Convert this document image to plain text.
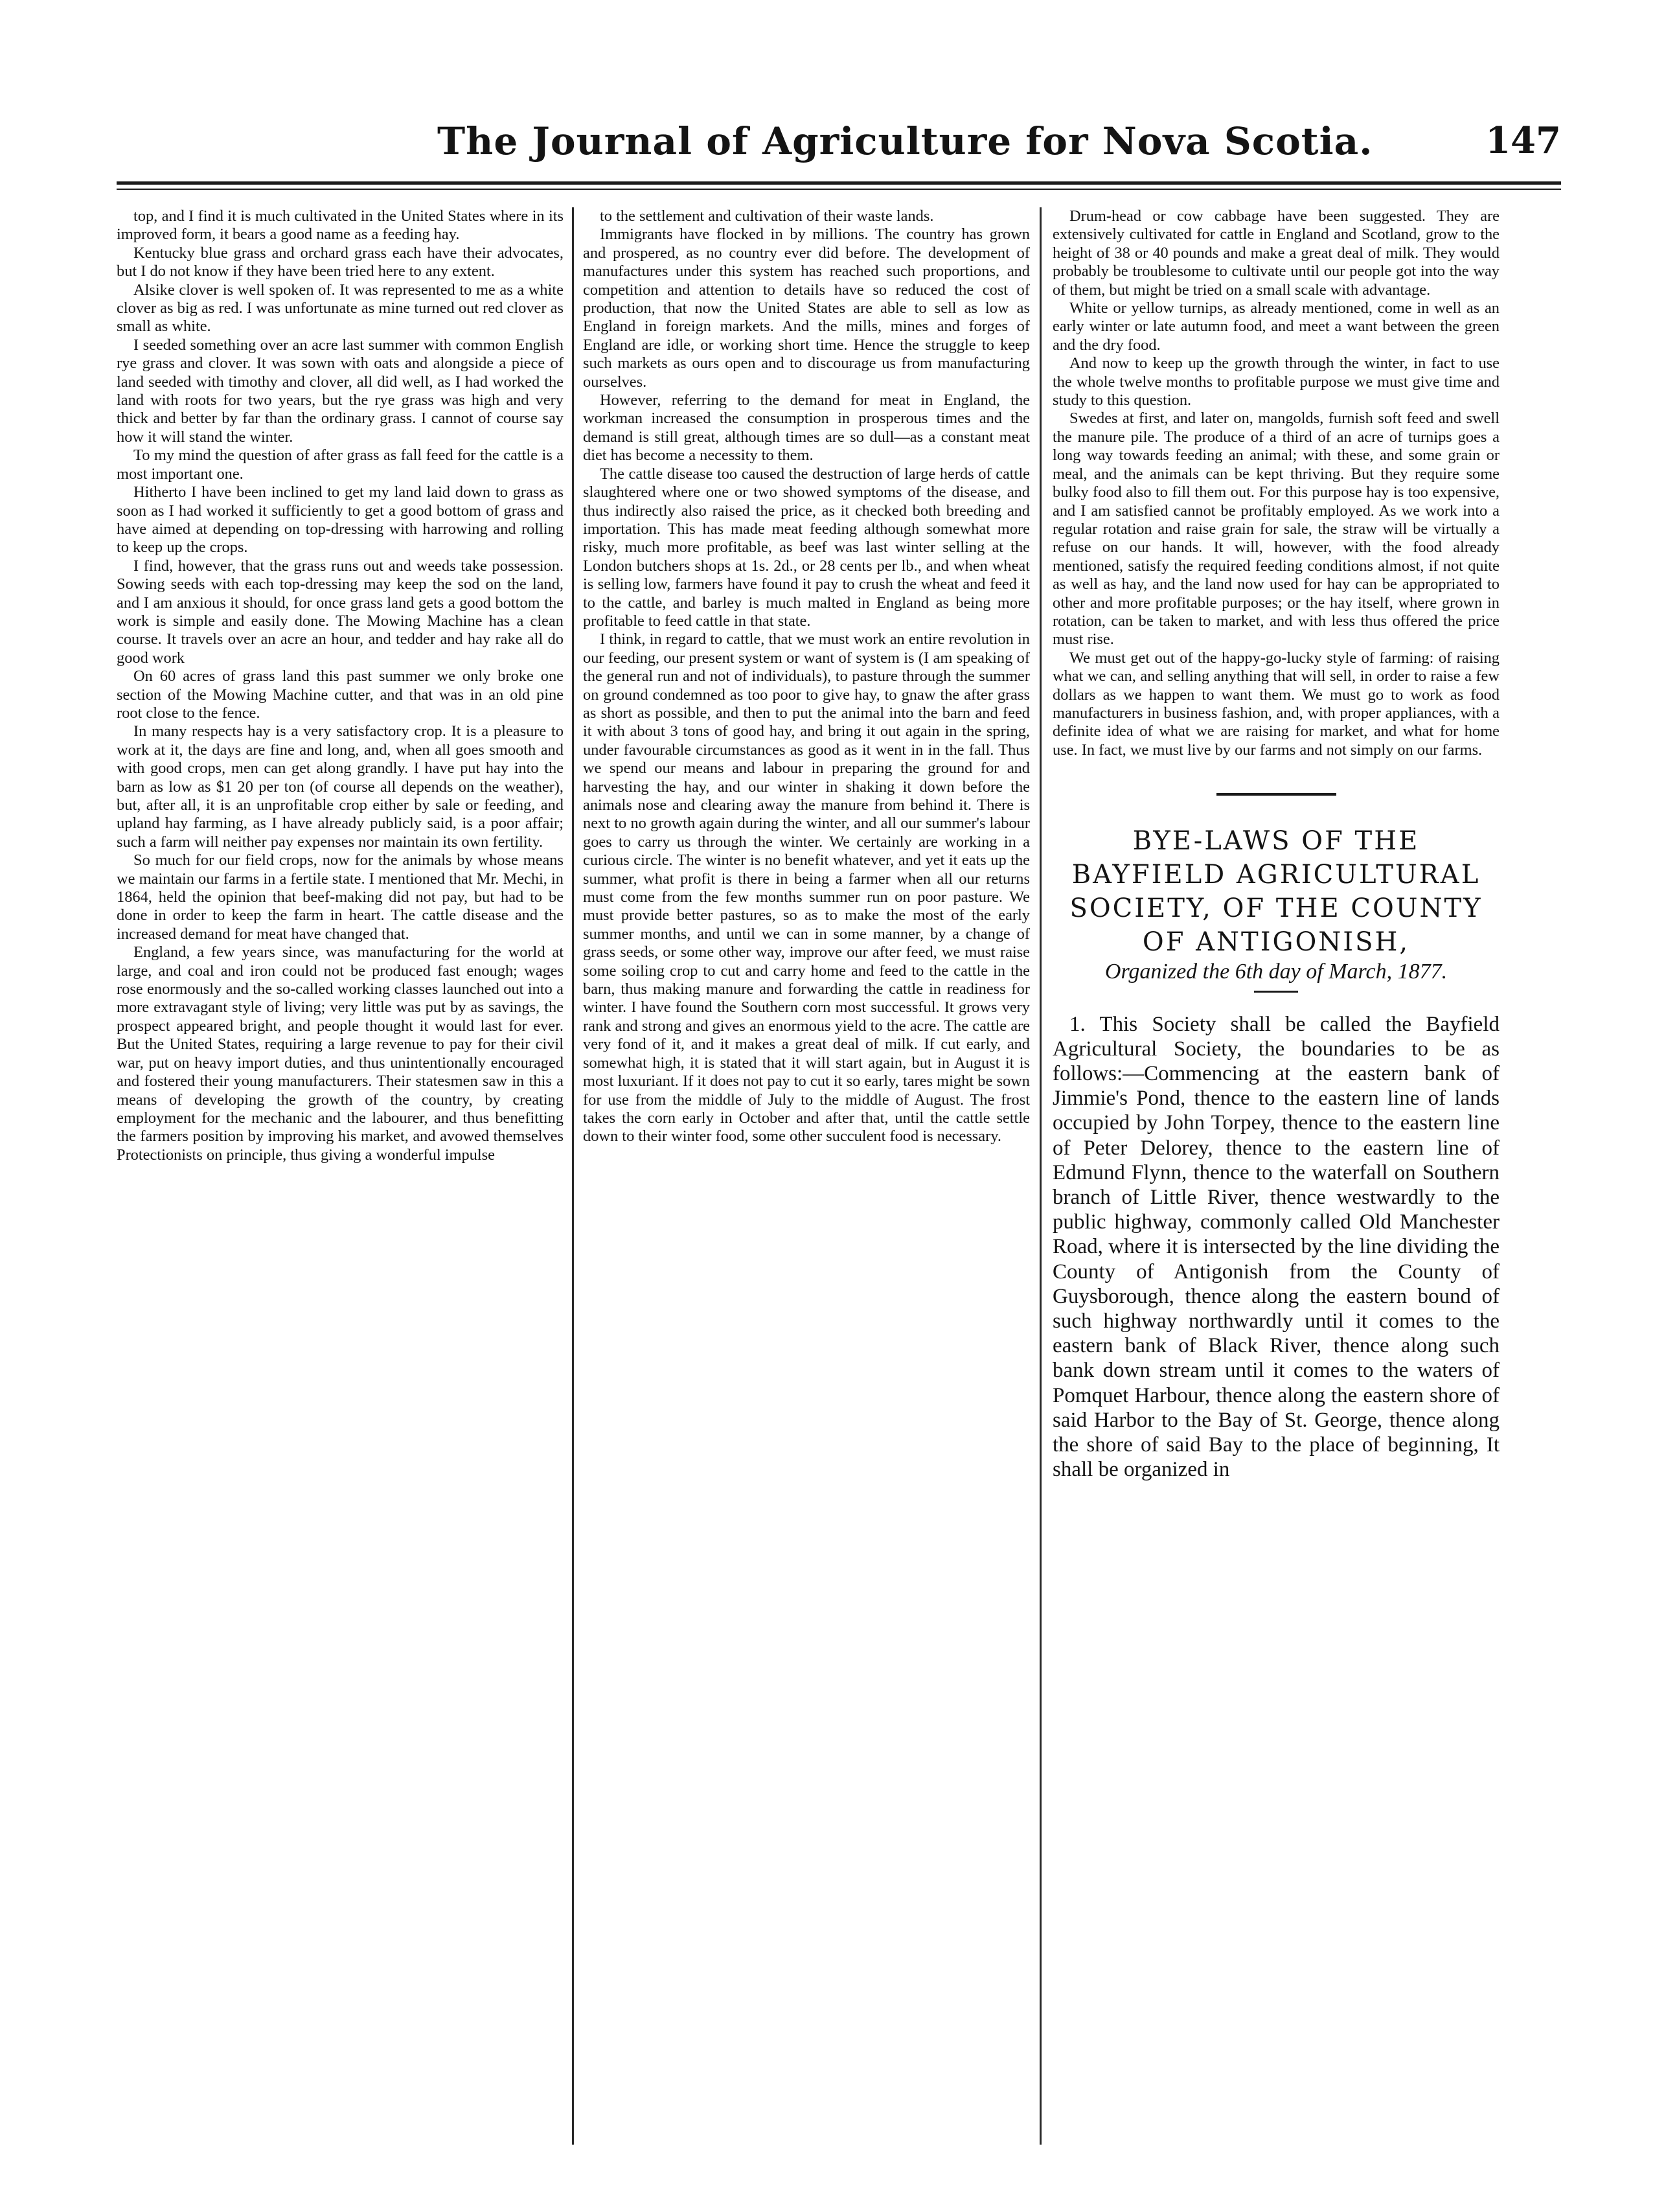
The Journal of Agriculture for Nova Scotia.	147

top, and I find it is much cultivated in the United States where in its improved form, it bears a good name as a feeding hay.

Kentucky blue grass and orchard grass each have their advocates, but I do not know if they have been tried here to any extent.

Alsike clover is well spoken of. It was represented to me as a white clover as big as red. I was unfortunate as mine turned out red clover as small as white.

I seeded something over an acre last summer with common English rye grass and clover. It was sown with oats and alongside a piece of land seeded with timothy and clover, all did well, as I had worked the land with roots for two years, but the rye grass was high and very thick and better by far than the ordinary grass. I cannot of course say how it will stand the winter.

To my mind the question of after grass as fall feed for the cattle is a most important one.

Hitherto I have been inclined to get my land laid down to grass as soon as I had worked it sufficiently to get a good bottom of grass and have aimed at depending on top-dressing with harrowing and rolling to keep up the crops.

I find, however, that the grass runs out and weeds take possession. Sowing seeds with each top-dressing may keep the sod on the land, and I am anxious it should, for once grass land gets a good bottom the work is simple and easily done. The Mowing Machine has a clean course. It travels over an acre an hour, and tedder and hay rake all do good work

On 60 acres of grass land this past summer we only broke one section of the Mowing Machine cutter, and that was in an old pine root close to the fence.

In many respects hay is a very satisfactory crop. It is a pleasure to work at it, the days are fine and long, and, when all goes smooth and with good crops, men can get along grandly. I have put hay into the barn as low as $1 20 per ton (of course all depends on the weather), but, after all, it is an unprofitable crop either by sale or feeding, and upland hay farming, as I have already publicly said, is a poor affair; such a farm will neither pay expenses nor maintain its own fertility.

So much for our field crops, now for the animals by whose means we maintain our farms in a fertile state. I mentioned that Mr. Mechi, in 1864, held the opinion that beef-making did not pay, but had to be done in order to keep the farm in heart. The cattle disease and the increased demand for meat have changed that.

England, a few years since, was manufacturing for the world at large, and coal and iron could not be produced fast enough; wages rose enormously and the so-called working classes launched out into a more extravagant style of living; very little was put by as savings, the prospect appeared bright, and people thought it would last for ever. But the United States, requiring a large revenue to pay for their civil war, put on heavy import duties, and thus unintentionally encouraged and fostered their young manufacturers. Their statesmen saw in this a means of developing the growth of the country, by creating employment for the mechanic and the labourer, and thus benefitting the farmers position by improving his market, and avowed themselves Protectionists on principle, thus giving a wonderful impulse

to the settlement and cultivation of their waste lands.

Immigrants have flocked in by millions. The country has grown and prospered, as no country ever did before. The development of manufactures under this system has reached such proportions, and competition and attention to details have so reduced the cost of production, that now the United States are able to sell as low as England in foreign markets. And the mills, mines and forges of England are idle, or working short time. Hence the struggle to keep such markets as ours open and to discourage us from manufacturing ourselves.

However, referring to the demand for meat in England, the workman increased the consumption in prosperous times and the demand is still great, although times are so dull—as a constant meat diet has become a necessity to them.

The cattle disease too caused the destruction of large herds of cattle slaughtered where one or two showed symptoms of the disease, and thus indirectly also raised the price, as it checked both breeding and importation. This has made meat feeding although somewhat more risky, much more profitable, as beef was last winter selling at the London butchers shops at 1s. 2d., or 28 cents per lb., and when wheat is selling low, farmers have found it pay to crush the wheat and feed it to the cattle, and barley is much malted in England as being more profitable to feed cattle in that state.

I think, in regard to cattle, that we must work an entire revolution in our feeding, our present system or want of system is (I am speaking of the general run and not of individuals), to pasture through the summer on ground condemned as too poor to give hay, to gnaw the after grass as short as possible, and then to put the animal into the barn and feed it with about 3 tons of good hay, and bring it out again in the spring, under favourable circumstances as good as it went in in the fall. Thus we spend our means and labour in preparing the ground for and harvesting the hay, and our winter in shaking it down before the animals nose and clearing away the manure from behind it. There is next to no growth again during the winter, and all our summer's labour goes to carry us through the winter. We certainly are working in a curious circle. The winter is no benefit whatever, and yet it eats up the summer, what profit is there in being a farmer when all our returns must come from the few months summer run on poor pasture. We must provide better pastures, so as to make the most of the early summer months, and until we can in some manner, by a change of grass seeds, or some other way, improve our after feed, we must raise some soiling crop to cut and carry home and feed to the cattle in the barn, thus making manure and forwarding the cattle in readiness for winter. I have found the Southern corn most successful. It grows very rank and strong and gives an enormous yield to the acre. The cattle are very fond of it, and it makes a great deal of milk. If cut early, and somewhat high, it is stated that it will start again, but in August it is most luxuriant. If it does not pay to cut it so early, tares might be sown for use from the middle of July to the middle of August. The frost takes the corn early in October and after that, until the cattle settle down to their winter food, some other succulent food is necessary.

Drum-head or cow cabbage have been suggested. They are extensively cultivated for cattle in England and Scotland, grow to the height of 38 or 40 pounds and make a great deal of milk. They would probably be troublesome to cultivate until our people got into the way of them, but might be tried on a small scale with advantage.

White or yellow turnips, as already mentioned, come in well as an early winter or late autumn food, and meet a want between the green and the dry food.

And now to keep up the growth through the winter, in fact to use the whole twelve months to profitable purpose we must give time and study to this question.

Swedes at first, and later on, mangolds, furnish soft feed and swell the manure pile. The produce of a third of an acre of turnips goes a long way towards feeding an animal; with these, and some grain or meal, and the animals can be kept thriving. But they require some bulky food also to fill them out. For this purpose hay is too expensive, and I am satisfied cannot be profitably employed. As we work into a regular rotation and raise grain for sale, the straw will be virtually a refuse on our hands. It will, however, with the food already mentioned, satisfy the required feeding conditions almost, if not quite as well as hay, and the land now used for hay can be appropriated to other and more profitable purposes; or the hay itself, where grown in rotation, can be taken to market, and with less thus offered the price must rise.

We must get out of the happy-go-lucky style of farming: of raising what we can, and selling anything that will sell, in order to raise a few dollars as we happen to want them. We must go to work as food manufacturers in business fashion, and, with proper appliances, with a definite idea of what we are raising for market, and what for home use. In fact, we must live by our farms and not simply on our farms.

BYE-LAWS OF THE BAYFIELD AGRICULTURAL SOCIETY, OF THE COUNTY OF ANTIGONISH,
Organized the 6th day of March, 1877.

1. This Society shall be called the Bayfield Agricultural Society, the boundaries to be as follows:—Commencing at the eastern bank of Jimmie's Pond, thence to the eastern line of lands occupied by John Torpey, thence to the eastern line of Peter Delorey, thence to the eastern line of Edmund Flynn, thence to the waterfall on Southern branch of Little River, thence westwardly to the public highway, commonly called Old Manchester Road, where it is intersected by the line dividing the County of Antigonish from the County of Guysborough, thence along the eastern bound of such highway northwardly until it comes to the eastern bank of Black River, thence along such bank down stream until it comes to the waters of Pomquet Harbour, thence along the eastern shore of said Harbor to the Bay of St. George, thence along the shore of said Bay to the place of beginning, It shall be organized in
